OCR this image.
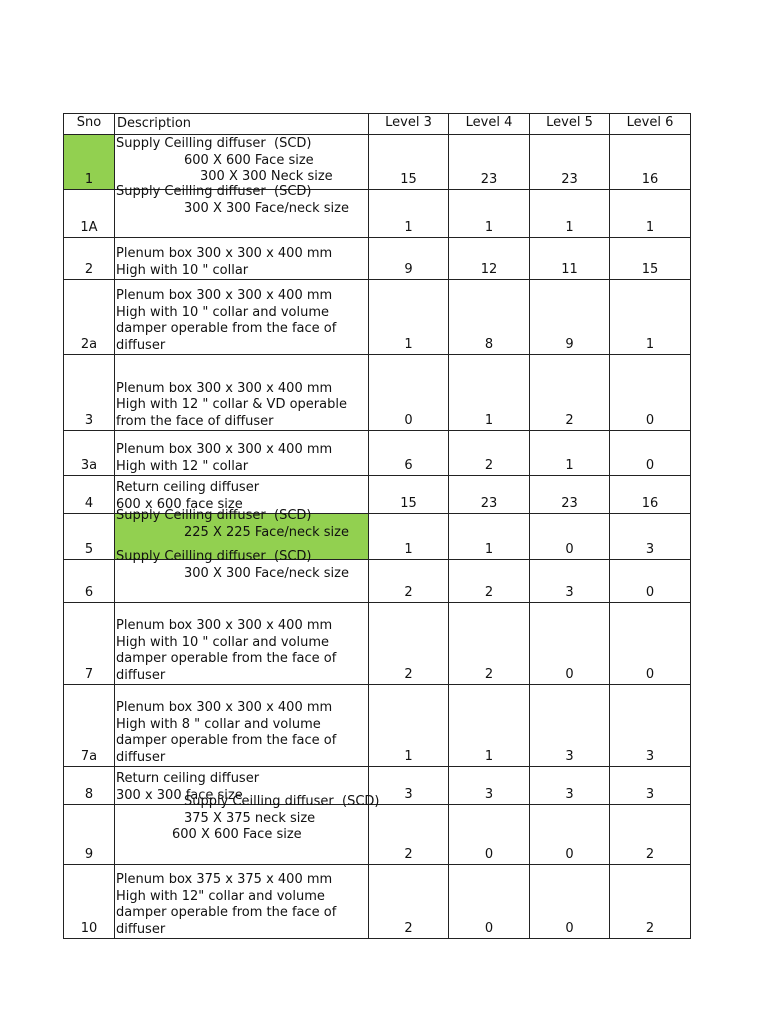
Sno	Description	Level 3	Level 4	Level 5	Level 6
1	Supply Ceilling diffuser  (SCD)
600 X 600 Face size
300 X 300 Neck size	15	23	23	16
1A	Supply Ceilling diffuser  (SCD)
300 X 300 Face/neck size	1	1	1	1
2	Plenum box 300 x 300 x 400 mm
High with 10 " collar	9	12	11	15
2a	Plenum box 300 x 300 x 400 mm
High with 10 " collar and volume
damper operable from the face of
diffuser	1	8	9	1
3	Plenum box 300 x 300 x 400 mm
High with 12 " collar & VD operable
from the face of diffuser	0	1	2	0
3a	Plenum box 300 x 300 x 400 mm
High with 12 " collar	6	2	1	0
4	Return ceiling diffuser
600 x 600 face size	15	23	23	16
5	Supply Ceilling diffuser  (SCD)
225 X 225 Face/neck size	1	1	0	3
6	Supply Ceilling diffuser  (SCD)
300 X 300 Face/neck size	2	2	3	0
7	Plenum box 300 x 300 x 400 mm
High with 10 " collar and volume
damper operable from the face of
diffuser	2	2	0	0
7a	Plenum box 300 x 300 x 400 mm
High with 8 " collar and volume
damper operable from the face of
diffuser	1	1	3	3
8	Return ceiling diffuser
300 x 300 face size	3	3	3	3
9	Supply Ceilling diffuser  (SCD)
375 X 375 neck size
600 X 600 Face size	2	0	0	2
10	Plenum box 375 x 375 x 400 mm
High with 12" collar and volume
damper operable from the face of
diffuser	2	0	0	2
